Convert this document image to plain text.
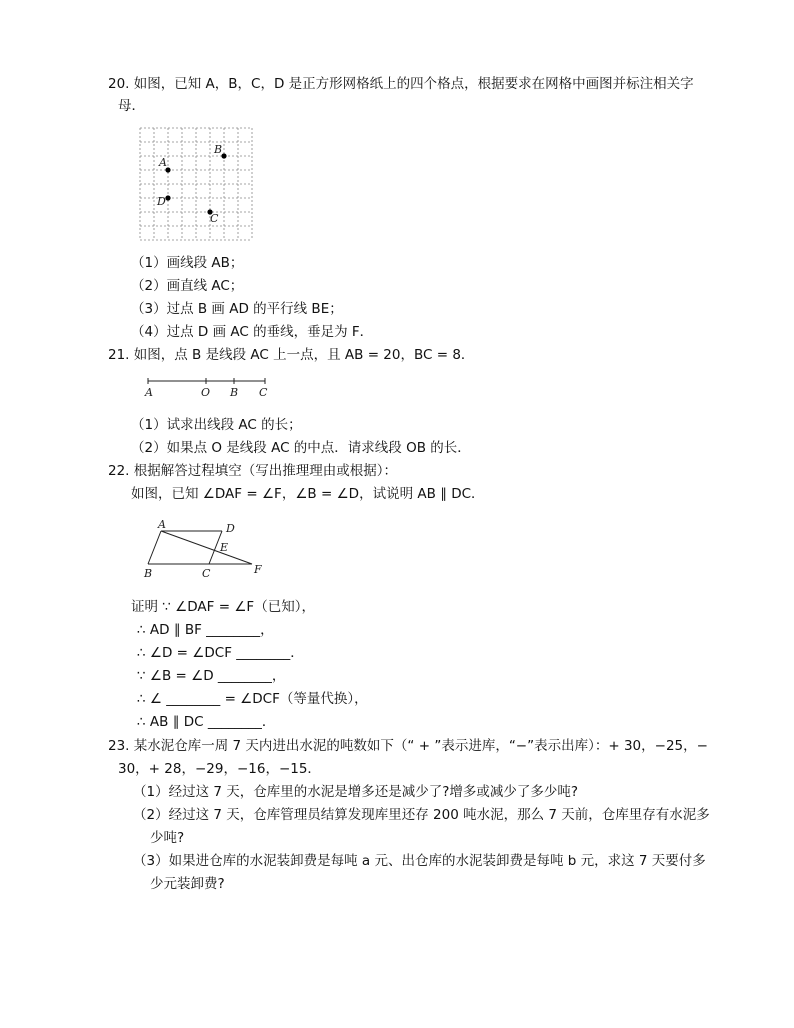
20. 如图，已知 A，B，C，D 是正方形网格纸上的四个格点，根据要求在网格中画图并标注相关字
母．
A
B
D
C
（1）画线段 AB；
（2）画直线 AC；
（3）过点 B 画 AD 的平行线 BE；
（4）过点 D 画 AC 的垂线，垂足为 F．
21. 如图，点 B 是线段 AC 上一点，且 AB = 20，BC = 8．
A	O B C
（1）试求出线段 AC 的长；
（2）如果点 O 是线段 AC 的中点．请求线段 OB 的长．
22. 根据解答过程填空（写出推理理由或根据）：
如图，已知 ∠DAF = ∠F，∠B = ∠D，试说明 AB ∥ DC．
A	D
E
B	C	F
证明 ∵ ∠DAF = ∠F（已知），
∴ AD ∥ BF ________，
∴ ∠D = ∠DCF ________．
∵ ∠B = ∠D ________，
∴ ∠ ________ = ∠DCF（等量代换），
∴ AB ∥ DC ________．
23. 某水泥仓库一周 7 天内进出水泥的吨数如下（“ + ”表示进库，“−”表示出库）：+ 30，−25，−
30，+ 28，−29，−16，−15．
（1）经过这 7 天，仓库里的水泥是增多还是减少了?增多或减少了多少吨?
（2）经过这 7 天，仓库管理员结算发现库里还存 200 吨水泥，那么 7 天前，仓库里存有水泥多
少吨?
（3）如果进仓库的水泥装卸费是每吨 a 元、出仓库的水泥装卸费是每吨 b 元，求这 7 天要付多
少元装卸费?
